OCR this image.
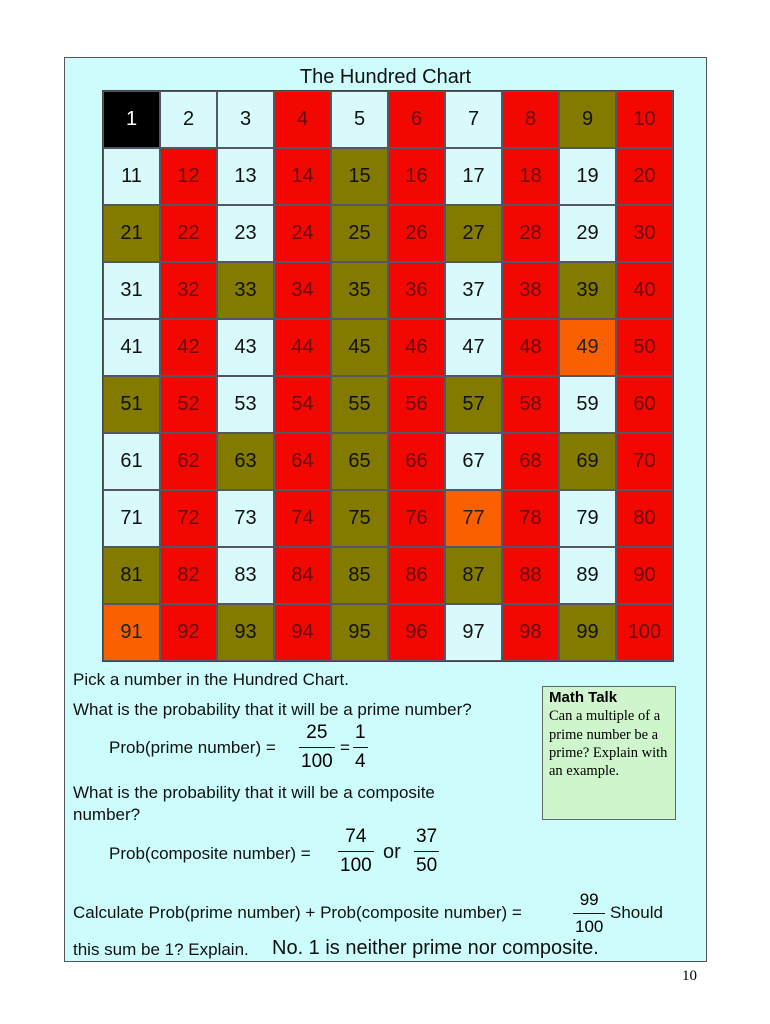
The Hundred Chart
1	2	3	4	5	6	7	8	9	10
11	12	13	14	15	16	17	18	19	20
21	22	23	24	25	26	27	28	29	30
31	32	33	34	35	36	37	38	39	40
41	42	43	44	45	46	47	48	49	50
51	52	53	54	55	56	57	58	59	60
61	62	63	64	65	66	67	68	69	70
71	72	73	74	75	76	77	78	79	80
81	82	83	84	85	86	87	88	89	90
91	92	93	94	95	96	97	98	99	100
Pick a number in the Hundred Chart.
What is the probability that it will be a prime number?
Prob(prime number) = $\frac{25}{100} = \frac{1}{4}$
What is the probability that it will be a composite
number?
Prob(composite number) = $\frac{74}{100}$ or $\frac{37}{50}$
Calculate Prob(prime number) + Prob(composite number) =	$\frac{99}{100}$ Should
this sum be 1? Explain. No. 1 is neither prime nor composite.
Math Talk
Can a multiple of a prime number be a prime? Explain with an example.
10
